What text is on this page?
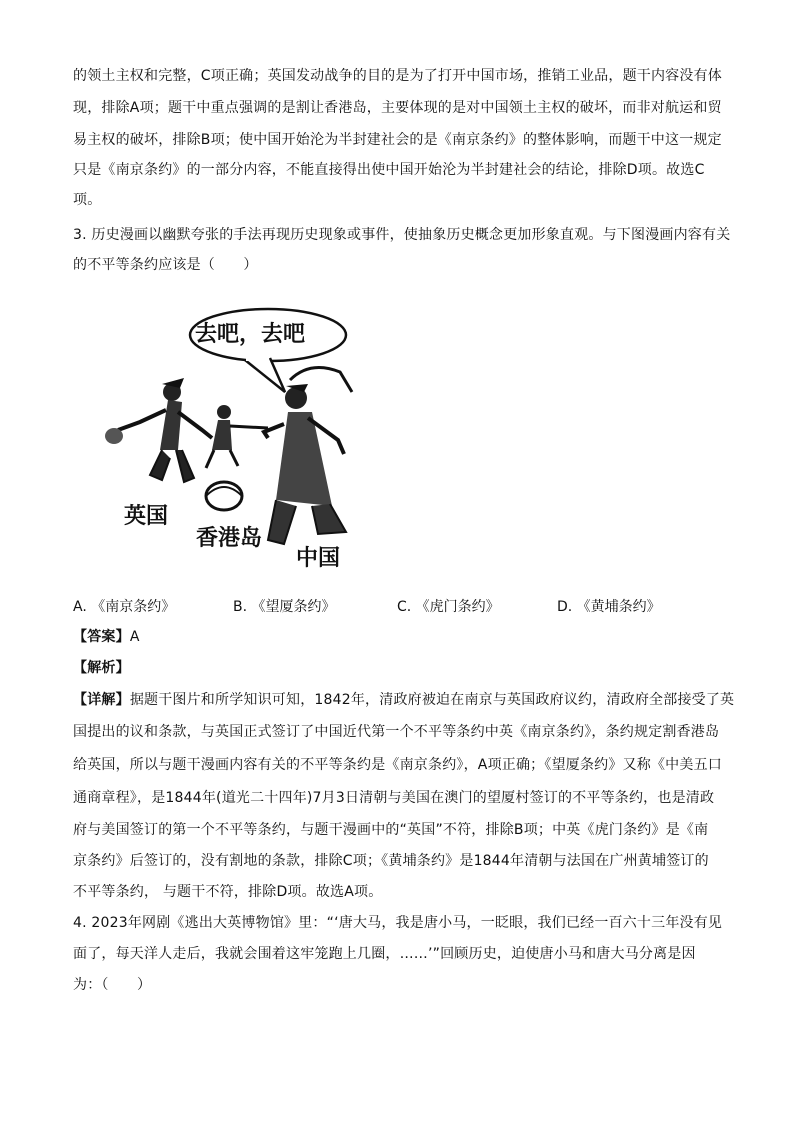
的领土主权和完整，C项正确；英国发动战争的目的是为了打开中国市场，推销工业品，题干内容没有体
现，排除A项；题干中重点强调的是割让香港岛，主要体现的是对中国领土主权的破坏，而非对航运和贸
易主权的破坏，排除B项；使中国开始沦为半封建社会的是《南京条约》的整体影响，而题干中这一规定
只是《南京条约》的一部分内容，不能直接得出使中国开始沦为半封建社会的结论，排除D项。故选C
项。
3. 历史漫画以幽默夸张的手法再现历史现象或事件，使抽象历史概念更加形象直观。与下图漫画内容有关
的不平等条约应该是（　　）
去吧，去吧
英国
香港岛
中国
A. 《南京条约》	B. 《望厦条约》	C. 《虎门条约》	D. 《黄埔条约》
【答案】A
【解析】
【详解】据题干图片和所学知识可知，1842年，清政府被迫在南京与英国政府议约，清政府全部接受了英
国提出的议和条款，与英国正式签订了中国近代第一个不平等条约中英《南京条约》，条约规定割香港岛
给英国，所以与题干漫画内容有关的不平等条约是《南京条约》，A项正确；《望厦条约》又称《中美五口
通商章程》，是1844年(道光二十四年)7月3日清朝与美国在澳门的望厦村签订的不平等条约，也是清政
府与美国签订的第一个不平等条约，与题干漫画中的“英国”不符，排除B项；中英《虎门条约》是《南
京条约》后签订的，没有割地的条款，排除C项；《黄埔条约》是1844年清朝与法国在广州黄埔签订的
不平等条约， 与题干不符，排除D项。故选A项。
4. 2023年网剧《逃出大英博物馆》里：“‘唐大马，我是唐小马，一眨眼，我们已经一百六十三年没有见
面了，每天洋人走后，我就会围着这牢笼跑上几圈，……’”回顾历史，迫使唐小马和唐大马分离是因
为：（　　）
